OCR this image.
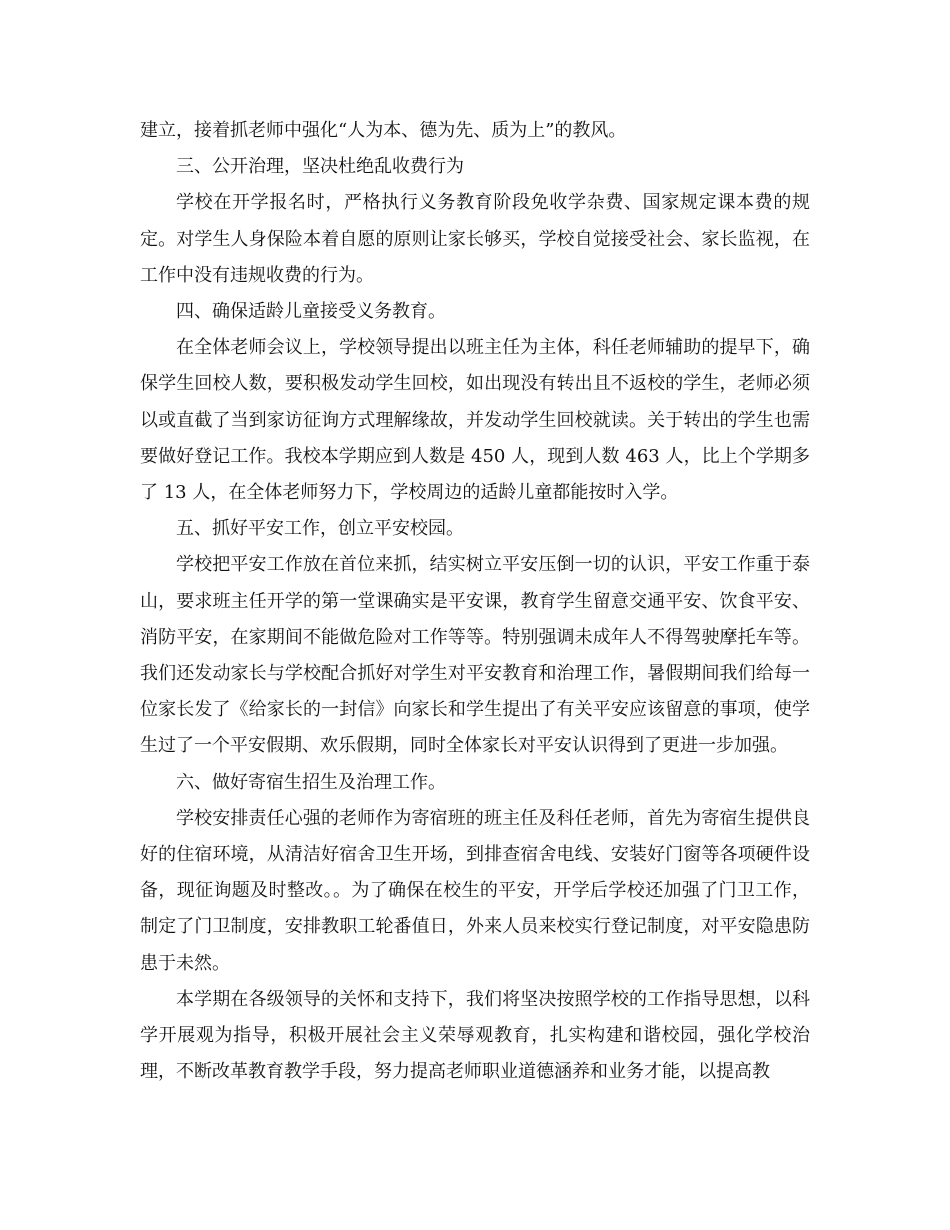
建立，接着抓老师中强化“人为本、德为先、质为上”的教风。

三、公开治理，坚决杜绝乱收费行为

学校在开学报名时，严格执行义务教育阶段免收学杂费、国家规定课本费的规定。对学生人身保险本着自愿的原则让家长够买，学校自觉接受社会、家长监视，在工作中没有违规收费的行为。

四、确保适龄儿童接受义务教育。

在全体老师会议上，学校领导提出以班主任为主体，科任老师辅助的提早下，确保学生回校人数，要积极发动学生回校，如出现没有转出且不返校的学生，老师必须以或直截了当到家访征询方式理解缘故，并发动学生回校就读。关于转出的学生也需要做好登记工作。我校本学期应到人数是 450 人，现到人数 463 人，比上个学期多了 13 人，在全体老师努力下，学校周边的适龄儿童都能按时入学。

五、抓好平安工作，创立平安校园。

学校把平安工作放在首位来抓，结实树立平安压倒一切的认识，平安工作重于泰山，要求班主任开学的第一堂课确实是平安课，教育学生留意交通平安、饮食平安、消防平安，在家期间不能做危险对工作等等。特别强调未成年人不得驾驶摩托车等。我们还发动家长与学校配合抓好对学生对平安教育和治理工作，暑假期间我们给每一位家长发了《给家长的一封信》向家长和学生提出了有关平安应该留意的事项，使学生过了一个平安假期、欢乐假期，同时全体家长对平安认识得到了更进一步加强。

六、做好寄宿生招生及治理工作。

学校安排责任心强的老师作为寄宿班的班主任及科任老师，首先为寄宿生提供良好的住宿环境，从清洁好宿舍卫生开场，到排查宿舍电线、安装好门窗等各项硬件设备，现征询题及时整改。。为了确保在校生的平安，开学后学校还加强了门卫工作，制定了门卫制度，安排教职工轮番值日，外来人员来校实行登记制度，对平安隐患防患于未然。

本学期在各级领导的关怀和支持下，我们将坚决按照学校的工作指导思想，以科学开展观为指导，积极开展社会主义荣辱观教育，扎实构建和谐校园，强化学校治理，不断改革教育教学手段，努力提高老师职业道德涵养和业务才能，以提高教
